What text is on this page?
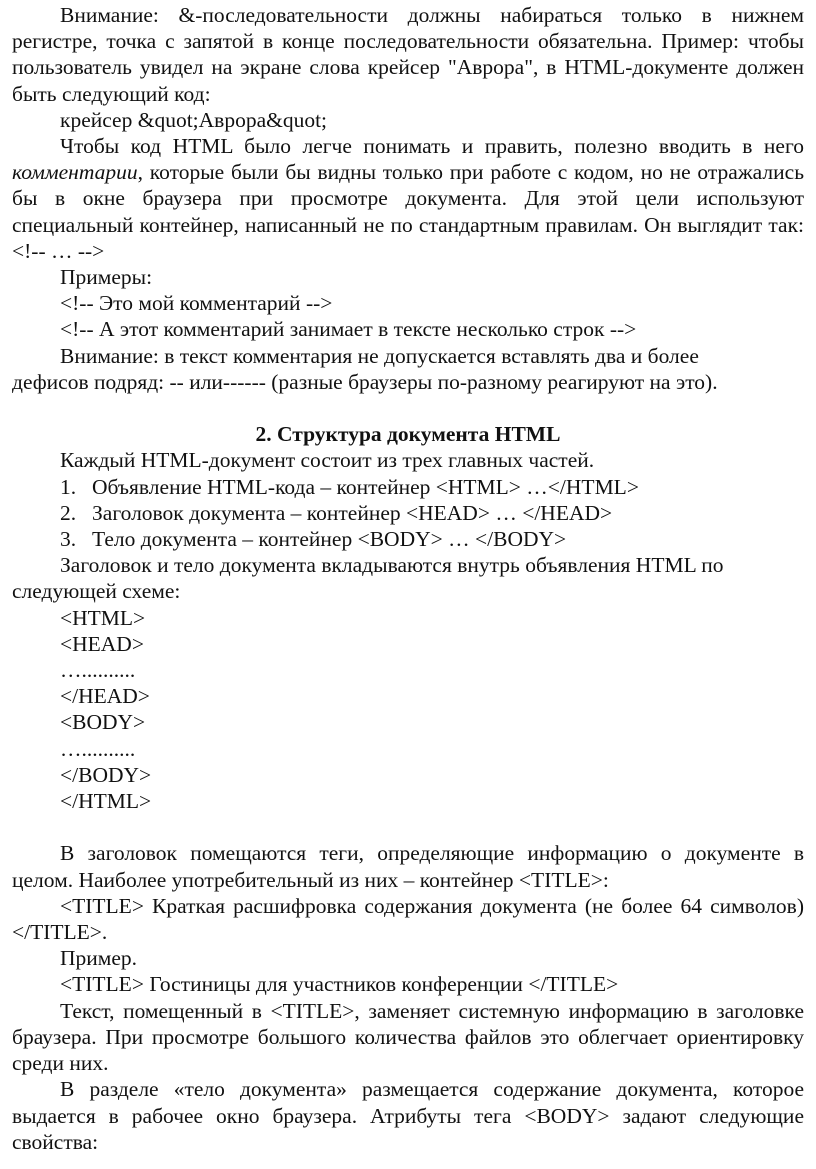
Внимание: &-последовательности должны набираться только в нижнем регистре, точка с запятой в конце последовательности обязательна. Пример: чтобы пользователь увидел на экране слова крейсер "Аврора", в HTML-документе должен быть следующий код:

крейсер &quot;Аврора&quot;

Чтобы код HTML было легче понимать и править, полезно вводить в него комментарии, которые были бы видны только при работе с кодом, но не отражались бы в окне браузера при просмотре документа. Для этой цели используют специальный контейнер, написанный не по стандартным правилам. Он выглядит так: <!-- … -->

Примеры:

<!-- Это мой комментарий -->

<!-- А этот комментарий занимает в тексте несколько строк -->

Внимание: в текст комментария не допускается вставлять два и более

дефисов подряд: -- или------ (разные браузеры по-разному реагируют на это).

2. Структура документа HTML

Каждый HTML-документ состоит из трех главных частей.

1. Объявление HTML-кода – контейнер <HTML> …</HTML>

2. Заголовок документа – контейнер <HEAD> … </HEAD>

3. Тело документа – контейнер <BODY> … </BODY>

Заголовок и тело документа вкладываются внутрь объявления HTML по следующей схеме:

<HTML>

<HEAD>

…..........

</HEAD>

<BODY>

…..........

</BODY>

</HTML>

В заголовок помещаются теги, определяющие информацию о документе в целом. Наиболее употребительный из них – контейнер <TITLE>:

<TITLE> Краткая расшифровка содержания документа (не более 64 символов) </TITLE>.

Пример.

<TITLE> Гостиницы для участников конференции </TITLE>

Текст, помещенный в <TITLE>, заменяет системную информацию в заголовке браузера. При просмотре большого количества файлов это облегчает ориентировку среди них.

В разделе «тело документа» размещается содержание документа, которое выдается в рабочее окно браузера. Атрибуты тега <BODY> задают следующие свойства:
